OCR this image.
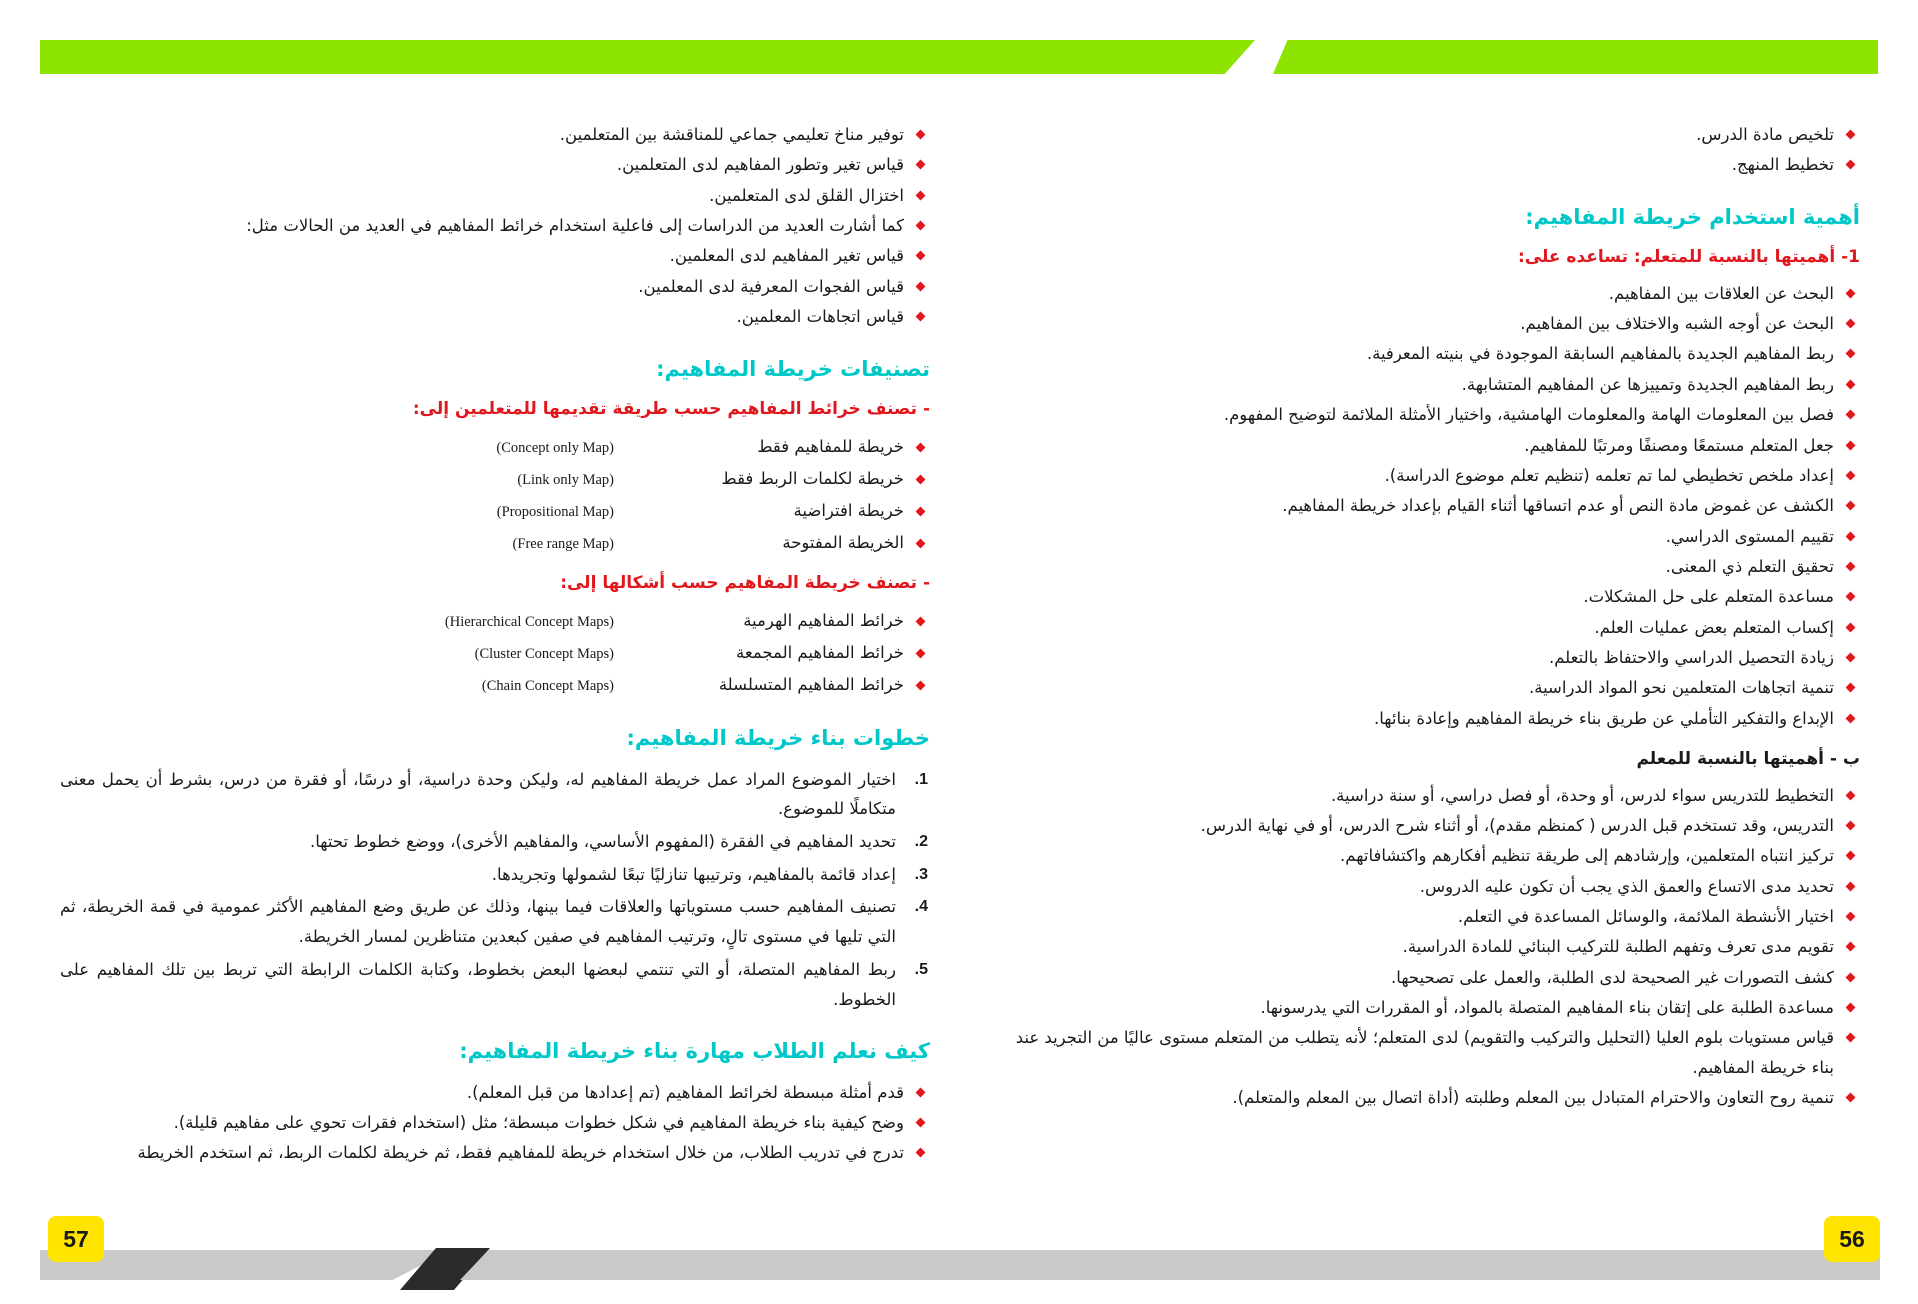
تلخيص مادة الدرس.
تخطيط المنهج.
أهمية استخدام خريطة المفاهيم:
1- أهميتها بالنسبة للمتعلم: تساعده على:
البحث عن العلاقات بين المفاهيم.
البحث عن أوجه الشبه والاختلاف بين المفاهيم.
ربط المفاهيم الجديدة بالمفاهيم السابقة الموجودة في بنيته المعرفية.
ربط المفاهيم الجديدة وتمييزها عن المفاهيم المتشابهة.
فصل بين المعلومات الهامة والمعلومات الهامشية، واختيار الأمثلة الملائمة لتوضيح المفهوم.
جعل المتعلم مستمعًا ومصنفًا ومرتبًا للمفاهيم.
إعداد ملخص تخطيطي لما تم تعلمه (تنظيم تعلم موضوع الدراسة).
الكشف عن غموض مادة النص أو عدم اتساقها أثناء القيام بإعداد خريطة المفاهيم.
تقييم المستوى الدراسي.
تحقيق التعلم ذي المعنى.
مساعدة المتعلم على حل المشكلات.
إكساب المتعلم بعض عمليات العلم.
زيادة التحصيل الدراسي والاحتفاظ بالتعلم.
تنمية اتجاهات المتعلمين نحو المواد الدراسية.
الإبداع والتفكير التأملي عن طريق بناء خريطة المفاهيم وإعادة بنائها.
ب - أهميتها بالنسبة للمعلم
التخطيط للتدريس سواء لدرس، أو وحدة، أو فصل دراسي، أو سنة دراسية.
التدريس، وقد تستخدم قبل الدرس ( كمنظم مقدم)، أو أثناء شرح الدرس، أو في نهاية الدرس.
تركيز انتباه المتعلمين، وإرشادهم إلى طريقة تنظيم أفكارهم واكتشافاتهم.
تحديد مدى الاتساع والعمق الذي يجب أن تكون عليه الدروس.
اختيار الأنشطة الملائمة، والوسائل المساعدة في التعلم.
تقويم مدى تعرف وتفهم الطلبة للتركيب البنائي للمادة الدراسية.
كشف التصورات غير الصحيحة لدى الطلبة، والعمل على تصحيحها.
مساعدة الطلبة على إتقان بناء المفاهيم المتصلة بالمواد، أو المقررات التي يدرسونها.
قياس مستويات بلوم العليا (التحليل والتركيب والتقويم) لدى المتعلم؛ لأنه يتطلب من المتعلم مستوى عاليًا من التجريد عند بناء خريطة المفاهيم.
تنمية روح التعاون والاحترام المتبادل بين المعلم وطلبته (أداة اتصال بين المعلم والمتعلم).
توفير مناخ تعليمي جماعي للمناقشة بين المتعلمين.
قياس تغير وتطور المفاهيم لدى المتعلمين.
اختزال القلق لدى المتعلمين.
كما أشارت العديد من الدراسات إلى فاعلية استخدام خرائط المفاهيم في العديد من الحالات مثل:
قياس تغير المفاهيم لدى المعلمين.
قياس الفجوات المعرفية لدى المعلمين.
قياس اتجاهات المعلمين.
تصنيفات خريطة المفاهيم:
- تصنف خرائط المفاهيم حسب طريقة تقديمها للمتعلمين إلى:
خريطة للمفاهيم فقط
(Concept only Map)
خريطة لكلمات الربط فقط
(Link only Map)
خريطة افتراضية
(Propositional Map)
الخريطة المفتوحة
(Free range Map)
- تصنف خريطة المفاهيم حسب أشكالها إلى:
خرائط المفاهيم الهرمية
(Hierarchical Concept Maps)
خرائط المفاهيم المجمعة
(Cluster Concept Maps)
خرائط المفاهيم المتسلسلة
(Chain Concept Maps)
خطوات بناء خريطة المفاهيم:
اختيار الموضوع المراد عمل خريطة المفاهيم له، وليكن وحدة دراسية، أو درسًا، أو فقرة من درس، بشرط أن يحمل معنى متكاملًا للموضوع.
تحديد المفاهيم في الفقرة (المفهوم الأساسي، والمفاهيم الأخرى)، ووضع خطوط تحتها.
إعداد قائمة بالمفاهيم، وترتيبها تنازليًا تبعًا لشمولها وتجريدها.
تصنيف المفاهيم حسب مستوياتها والعلاقات فيما بينها، وذلك عن طريق وضع المفاهيم الأكثر عمومية في قمة الخريطة، ثم التي تليها في مستوى تالٍ، وترتيب المفاهيم في صفين كبعدين متناظرين لمسار الخريطة.
ربط المفاهيم المتصلة، أو التي تنتمي لبعضها البعض بخطوط، وكتابة الكلمات الرابطة التي تربط بين تلك المفاهيم على الخطوط.
كيف نعلم الطلاب مهارة بناء خريطة المفاهيم:
قدم أمثلة مبسطة لخرائط المفاهيم (تم إعدادها من قبل المعلم).
وضح كيفية بناء خريطة المفاهيم في شكل خطوات مبسطة؛ مثل (استخدام فقرات تحوي على مفاهيم قليلة).
تدرج في تدريب الطلاب، من خلال استخدام خريطة للمفاهيم فقط، ثم خريطة لكلمات الربط، ثم استخدم الخريطة
57	56
